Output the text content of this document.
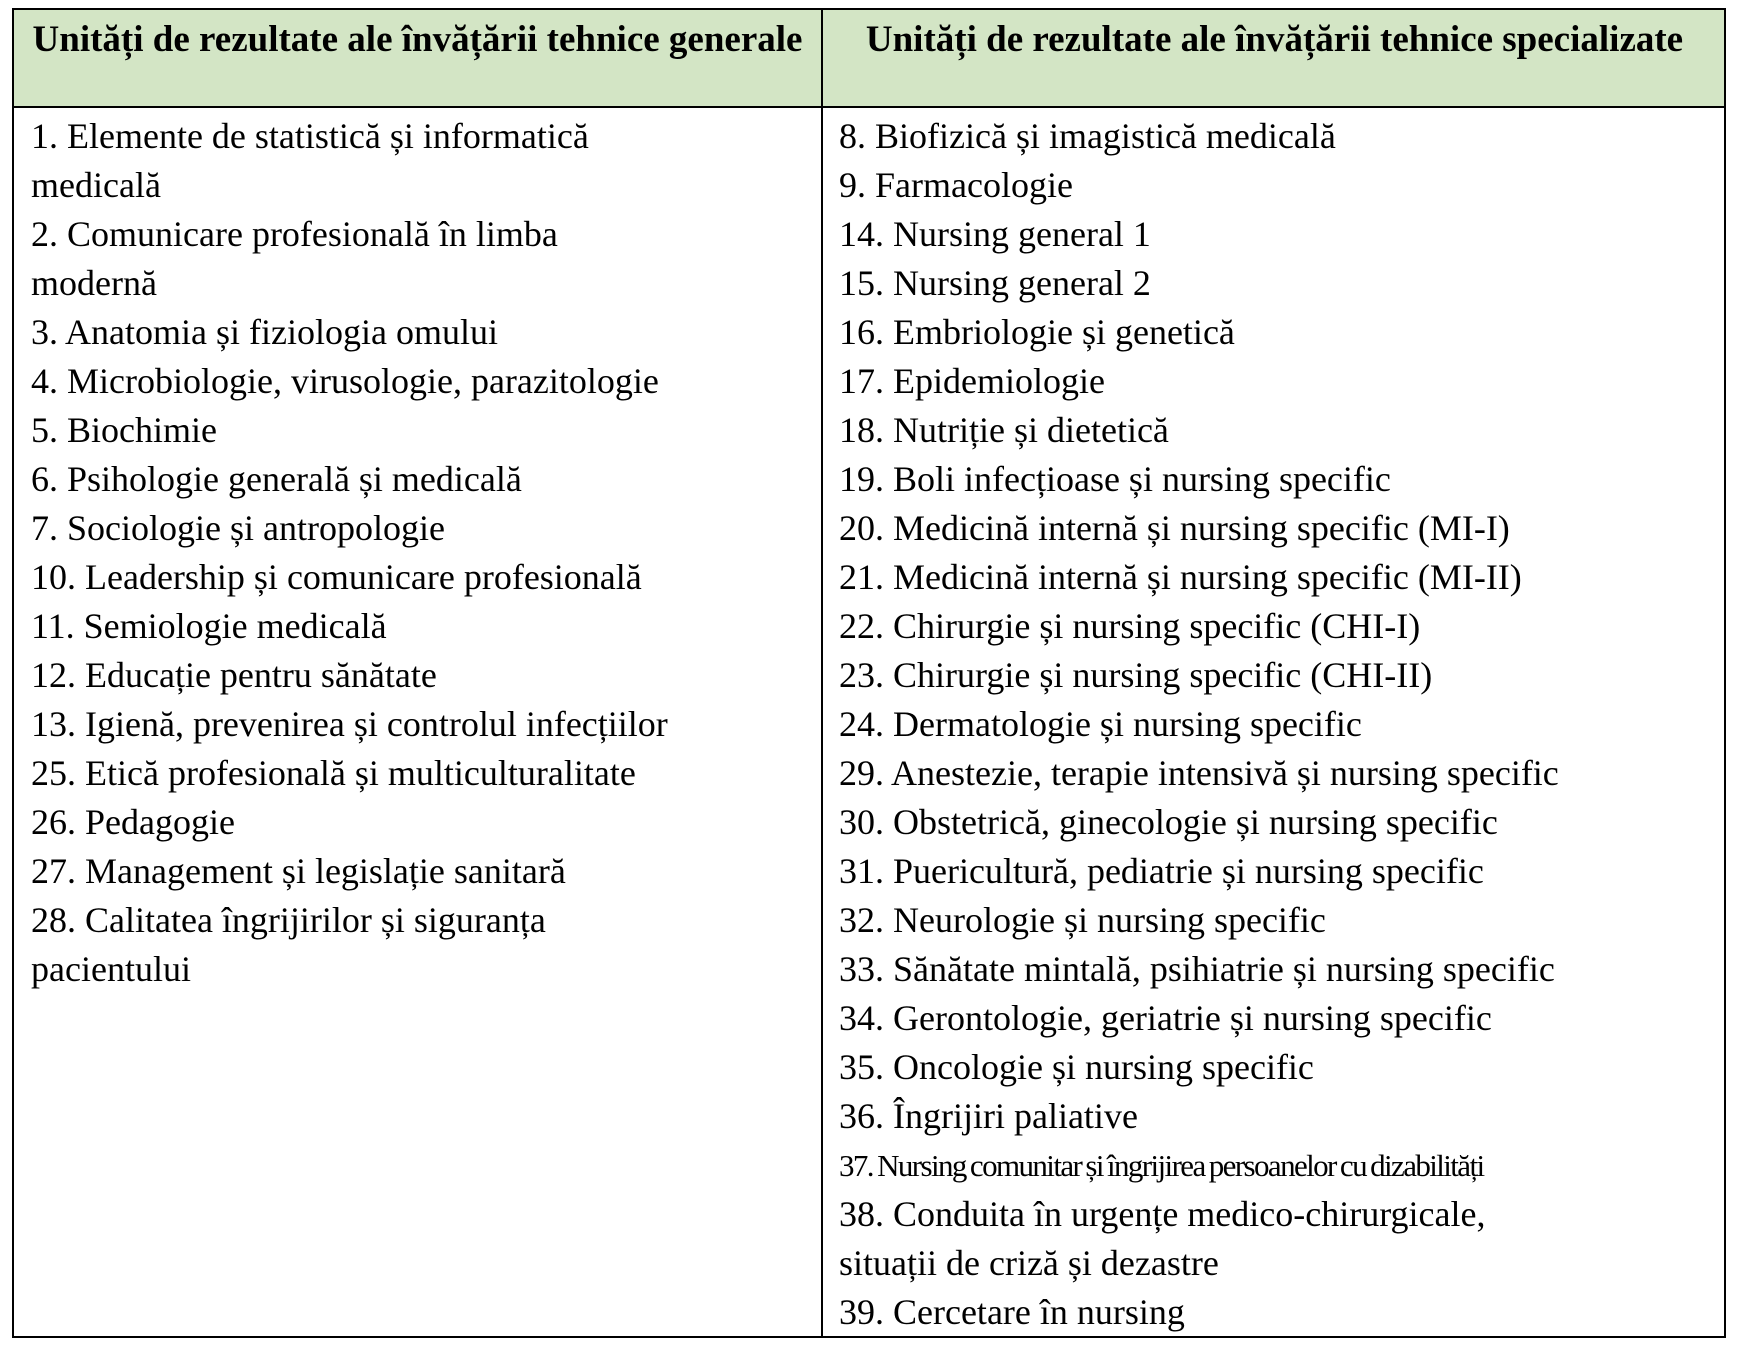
Unități de rezultate ale învățării tehnice generale	Unități de rezultate ale învățării tehnice specializate
1. Elemente de statistică și informatică
medicală
2. Comunicare profesională în limba
modernă
3. Anatomia și fiziologia omului
4. Microbiologie, virusologie, parazitologie
5. Biochimie
6. Psihologie generală și medicală
7. Sociologie și antropologie
10. Leadership și comunicare profesională
11. Semiologie medicală
12. Educație pentru sănătate
13. Igienă, prevenirea și controlul infecțiilor
25. Etică profesională și multiculturalitate
26. Pedagogie
27. Management și legislație sanitară
28. Calitatea îngrijirilor și siguranța
pacientului
8. Biofizică și imagistică medicală
9. Farmacologie
14. Nursing general 1
15. Nursing general 2
16. Embriologie și genetică
17. Epidemiologie
18. Nutriție și dietetică
19. Boli infecțioase și nursing specific
20. Medicină internă și nursing specific (MI-I)
21. Medicină internă și nursing specific (MI-II)
22. Chirurgie și nursing specific (CHI-I)
23. Chirurgie și nursing specific (CHI-II)
24. Dermatologie și nursing specific
29. Anestezie, terapie intensivă și nursing specific
30. Obstetrică, ginecologie și nursing specific
31. Puericultură, pediatrie și nursing specific
32. Neurologie și nursing specific
33. Sănătate mintală, psihiatrie și nursing specific
34. Gerontologie, geriatrie și nursing specific
35. Oncologie și nursing specific
36. Îngrijiri paliative
37. Nursing comunitar și îngrijirea persoanelor cu dizabilități
38. Conduita în urgențe medico-chirurgicale,
situații de criză și dezastre
39. Cercetare în nursing
